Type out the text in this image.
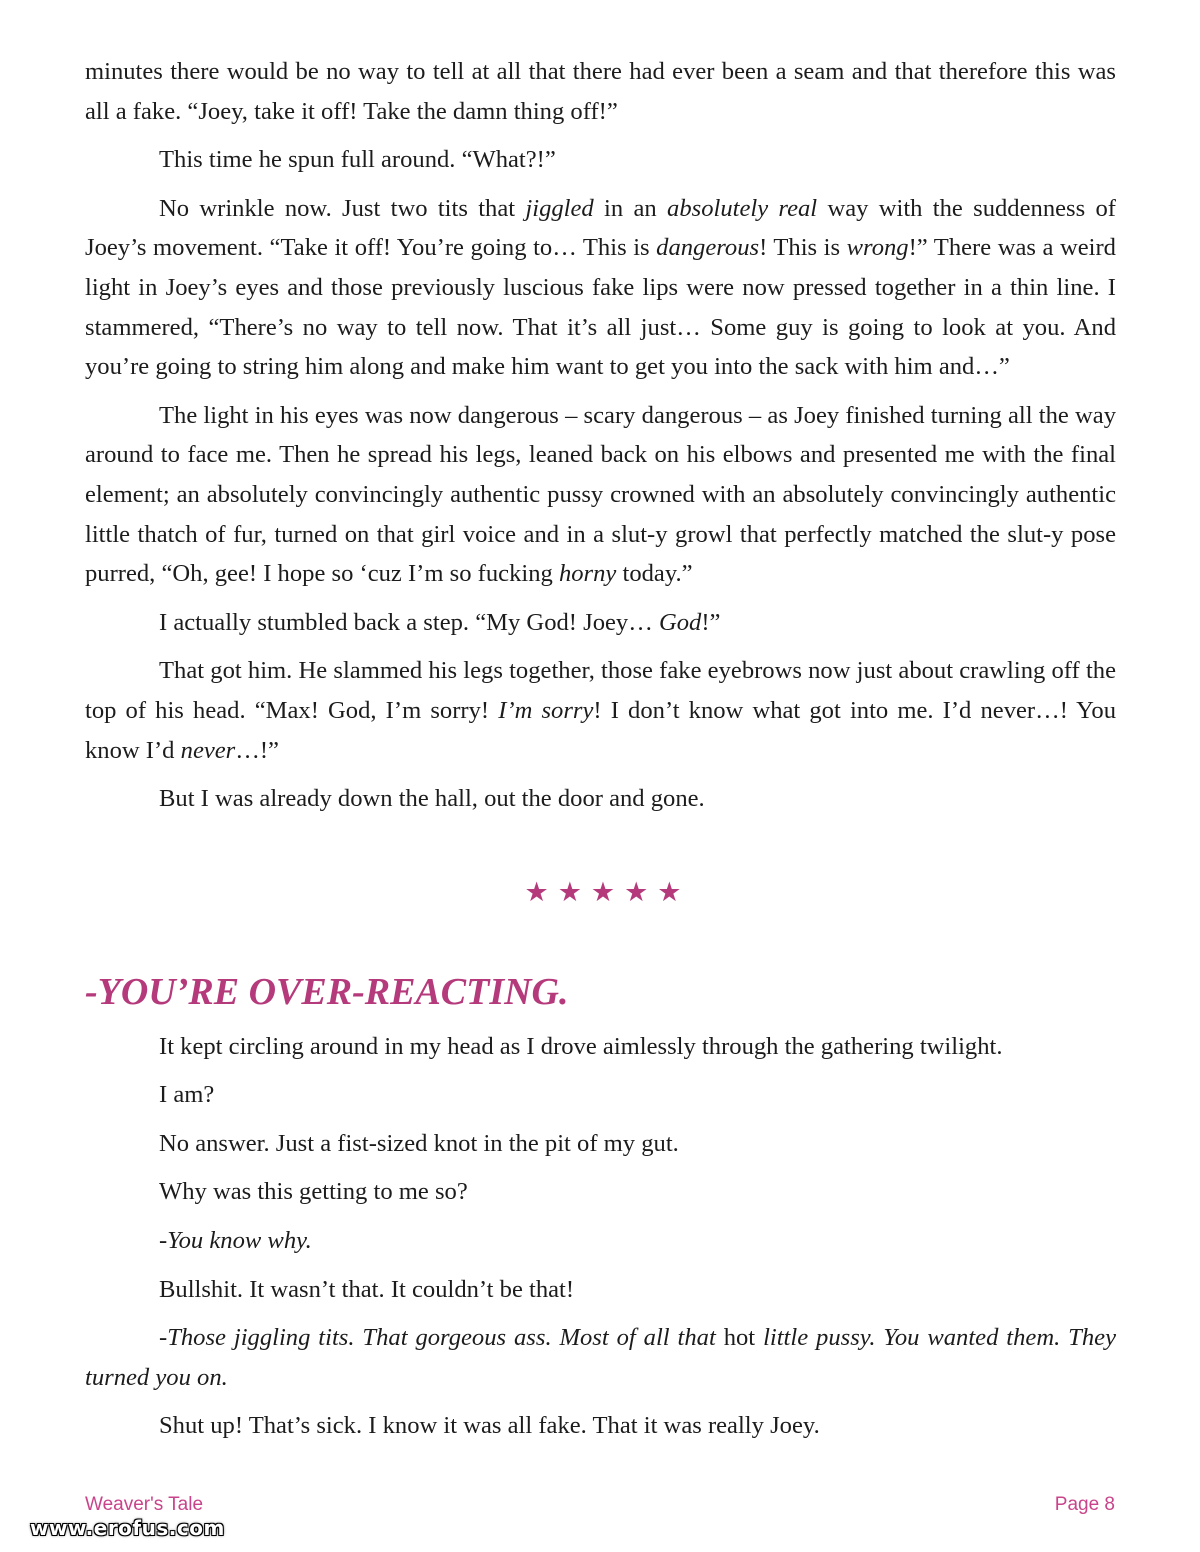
minutes there would be no way to tell at all that there had ever been a seam and that therefore this was all a fake. “Joey, take it off! Take the damn thing off!”

This time he spun full around. “What?!”

No wrinkle now. Just two tits that jiggled in an absolutely real way with the suddenness of Joey’s movement. “Take it off! You’re going to… This is dangerous! This is wrong!” There was a weird light in Joey’s eyes and those previously luscious fake lips were now pressed together in a thin line. I stammered, “There’s no way to tell now. That it’s all just… Some guy is going to look at you. And you’re going to string him along and make him want to get you into the sack with him and…”

The light in his eyes was now dangerous – scary dangerous – as Joey finished turning all the way around to face me. Then he spread his legs, leaned back on his elbows and presented me with the final element; an absolutely convincingly authentic pussy crowned with an absolutely convincingly authentic little thatch of fur, turned on that girl voice and in a slut-y growl that perfectly matched the slut-y pose purred, “Oh, gee! I hope so ‘cuz I’m so fucking horny today.”

I actually stumbled back a step. “My God! Joey… God!”

That got him. He slammed his legs together, those fake eyebrows now just about crawling off the top of his head. “Max! God, I’m sorry! I’m sorry! I don’t know what got into me. I’d never…! You know I’d never…!”

But I was already down the hall, out the door and gone.

★★★★★
-YOU’RE OVER-REACTING.

It kept circling around in my head as I drove aimlessly through the gathering twilight.

I am?

No answer. Just a fist-sized knot in the pit of my gut.

Why was this getting to me so?

-You know why.

Bullshit. It wasn’t that. It couldn’t be that!

-Those jiggling tits. That gorgeous ass. Most of all that hot little pussy. You wanted them. They turned you on.

Shut up! That’s sick. I know it was all fake. That it was really Joey.

Weaver's Tale	Page 8
www.erofus.com
